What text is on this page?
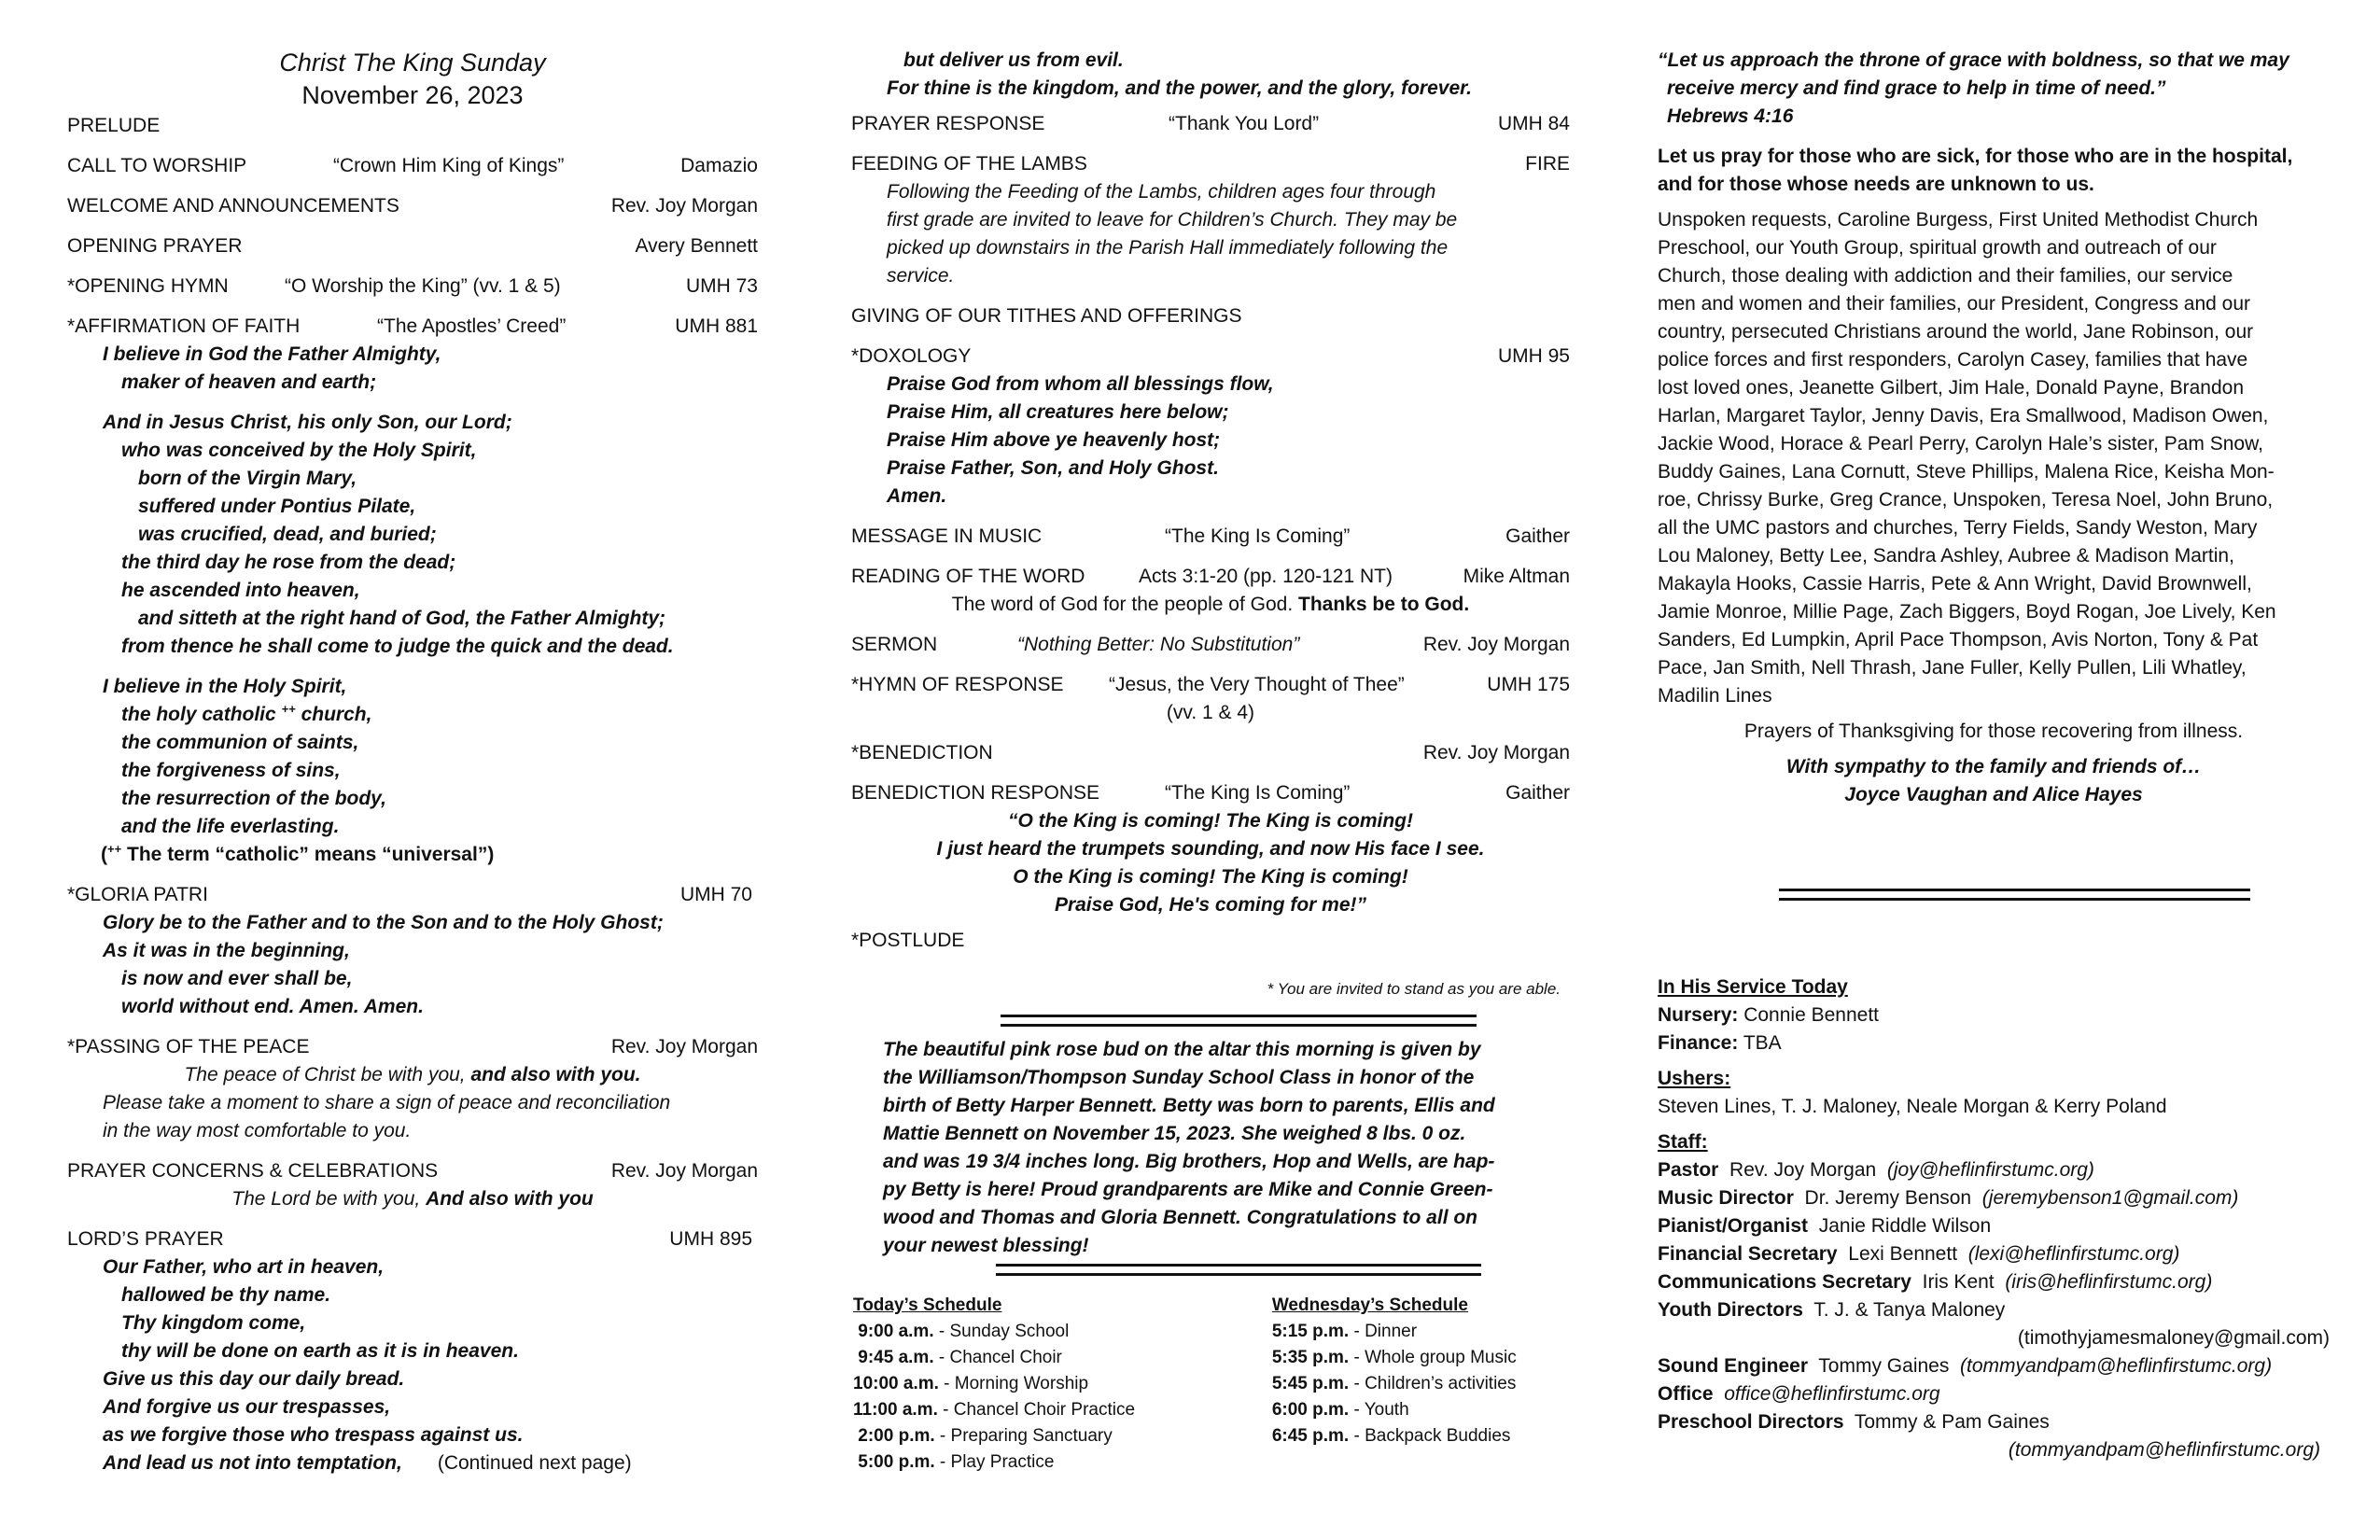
Christ The King Sunday
November 26, 2023
PRELUDE
CALL TO WORSHIP	“Crown Him King of Kings”	Damazio
WELCOME AND ANNOUNCEMENTS	Rev. Joy Morgan
OPENING PRAYER	Avery Bennett
*OPENING HYMN	“O Worship the King” (vv. 1 & 5)	UMH 73
*AFFIRMATION OF FAITH	“The Apostles’ Creed”	UMH 881
I believe in God the Father Almighty,
maker of heaven and earth;
And in Jesus Christ, his only Son, our Lord;
who was conceived by the Holy Spirit,
born of the Virgin Mary,
suffered under Pontius Pilate,
was crucified, dead, and buried;
the third day he rose from the dead;
he ascended into heaven,
and sitteth at the right hand of God, the Father Almighty;
from thence he shall come to judge the quick and the dead.
I believe in the Holy Spirit,
the holy catholic ++ church,
the communion of saints,
the forgiveness of sins,
the resurrection of the body,
and the life everlasting.
(++ The term “catholic” means “universal”)
*GLORIA PATRI	UMH 70
Glory be to the Father and to the Son and to the Holy Ghost;
As it was in the beginning,
is now and ever shall be,
world without end. Amen. Amen.
*PASSING OF THE PEACE	Rev. Joy Morgan
The peace of Christ be with you, and also with you.
Please take a moment to share a sign of peace and reconciliation
in the way most comfortable to you.
PRAYER CONCERNS & CELEBRATIONS	Rev. Joy Morgan
The Lord be with you, And also with you
LORD’S PRAYER	UMH 895
Our Father, who art in heaven,
hallowed be thy name.
Thy kingdom come,
thy will be done on earth as it is in heaven.
Give us this day our daily bread.
And forgive us our trespasses,
as we forgive those who trespass against us.
And lead us not into temptation, (Continued next page)
but deliver us from evil.
For thine is the kingdom, and the power, and the glory, forever.
PRAYER RESPONSE	“Thank You Lord”	UMH 84
FEEDING OF THE LAMBS	FIRE
Following the Feeding of the Lambs, children ages four through
first grade are invited to leave for Children’s Church. They may be
picked up downstairs in the Parish Hall immediately following the
service.
GIVING OF OUR TITHES AND OFFERINGS
*DOXOLOGY	UMH 95
Praise God from whom all blessings flow,
Praise Him, all creatures here below;
Praise Him above ye heavenly host;
Praise Father, Son, and Holy Ghost.
Amen.
MESSAGE IN MUSIC	“The King Is Coming”	Gaither
READING OF THE WORD	Acts 3:1-20 (pp. 120-121 NT)	Mike Altman
The word of God for the people of God. Thanks be to God.
SERMON	“Nothing Better: No Substitution”	Rev. Joy Morgan
*HYMN OF RESPONSE	“Jesus, the Very Thought of Thee”	UMH 175
(vv. 1 & 4)
*BENEDICTION	Rev. Joy Morgan
BENEDICTION RESPONSE	“The King Is Coming”	Gaither
“O the King is coming! The King is coming!
I just heard the trumpets sounding, and now His face I see.
O the King is coming! The King is coming!
Praise God, He's coming for me!”
*POSTLUDE
* You are invited to stand as you are able.
The beautiful pink rose bud on the altar this morning is given by
the Williamson/Thompson Sunday School Class in honor of the
birth of Betty Harper Bennett. Betty was born to parents, Ellis and
Mattie Bennett on November 15, 2023. She weighed 8 lbs. 0 oz.
and was 19 3/4 inches long. Big brothers, Hop and Wells, are hap-
py Betty is here! Proud grandparents are Mike and Connie Green-
wood and Thomas and Gloria Bennett. Congratulations to all on
your newest blessing!
Today’s Schedule
9:00 a.m. - Sunday School
9:45 a.m. - Chancel Choir
10:00 a.m. - Morning Worship
11:00 a.m. - Chancel Choir Practice
2:00 p.m. - Preparing Sanctuary
5:00 p.m. - Play Practice
Wednesday’s Schedule
5:15 p.m. - Dinner
5:35 p.m. - Whole group Music
5:45 p.m. - Children’s activities
6:00 p.m. - Youth
6:45 p.m. - Backpack Buddies
“Let us approach the throne of grace with boldness, so that we may
receive mercy and find grace to help in time of need.”
Hebrews 4:16
Let us pray for those who are sick, for those who are in the hospital, and for those whose needs are unknown to us.
Unspoken requests, Caroline Burgess, First United Methodist Church
Preschool, our Youth Group, spiritual growth and outreach of our
Church, those dealing with addiction and their families, our service
men and women and their families, our President, Congress and our
country, persecuted Christians around the world, Jane Robinson, our
police forces and first responders, Carolyn Casey, families that have
lost loved ones, Jeanette Gilbert, Jim Hale, Donald Payne, Brandon
Harlan, Margaret Taylor, Jenny Davis, Era Smallwood, Madison Owen,
Jackie Wood, Horace & Pearl Perry, Carolyn Hale’s sister, Pam Snow,
Buddy Gaines, Lana Cornutt, Steve Phillips, Malena Rice, Keisha Mon-
roe, Chrissy Burke, Greg Crance, Unspoken, Teresa Noel, John Bruno,
all the UMC pastors and churches, Terry Fields, Sandy Weston, Mary
Lou Maloney, Betty Lee, Sandra Ashley, Aubree & Madison Martin,
Makayla Hooks, Cassie Harris, Pete & Ann Wright, David Brownwell,
Jamie Monroe, Millie Page, Zach Biggers, Boyd Rogan, Joe Lively, Ken
Sanders, Ed Lumpkin, April Pace Thompson, Avis Norton, Tony & Pat
Pace, Jan Smith, Nell Thrash, Jane Fuller, Kelly Pullen, Lili Whatley,
Madilin Lines
Prayers of Thanksgiving for those recovering from illness.
With sympathy to the family and friends of…
Joyce Vaughan and Alice Hayes
In His Service Today
Nursery: Connie Bennett
Finance: TBA
Ushers:
Steven Lines, T. J. Maloney, Neale Morgan & Kerry Poland
Staff:
Pastor  Rev. Joy Morgan  (joy@heflinfirstumc.org)
Music Director  Dr. Jeremy Benson  (jeremybenson1@gmail.com)
Pianist/Organist  Janie Riddle Wilson
Financial Secretary  Lexi Bennett  (lexi@heflinfirstumc.org)
Communications Secretary  Iris Kent  (iris@heflinfirstumc.org)
Youth Directors  T. J. & Tanya Maloney
(timothyjamesmaloney@gmail.com)
Sound Engineer  Tommy Gaines  (tommyandpam@heflinfirstumc.org)
Office office@heflinfirstumc.org
Preschool Directors  Tommy & Pam Gaines
(tommyandpam@heflinfirstumc.org)
